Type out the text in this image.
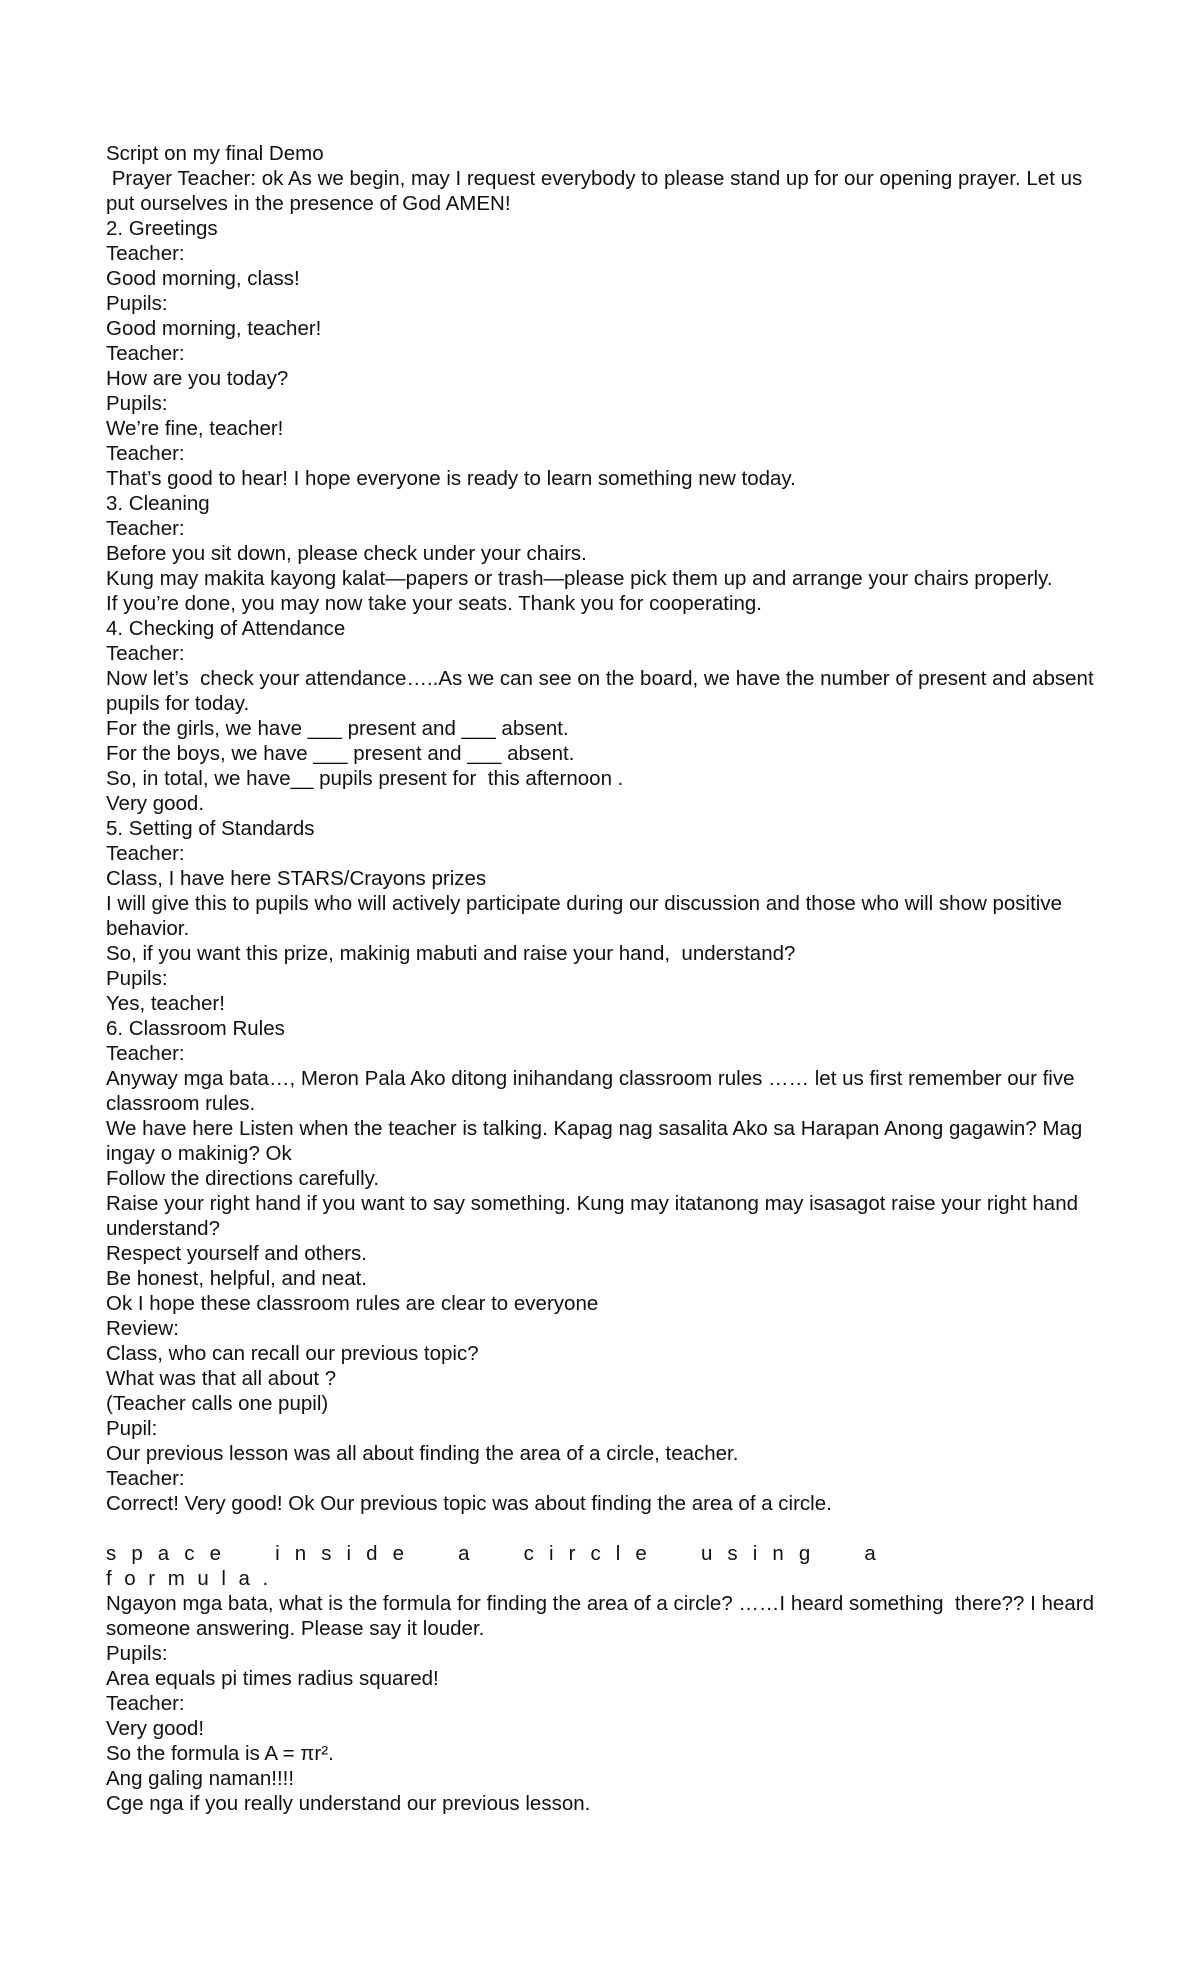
Script on my final Demo

Prayer Teacher: ok As we begin, may I request everybody to please stand up for our opening prayer. Let us put ourselves in the presence of God AMEN!

2. Greetings

Teacher:

Good morning, class!

Pupils:

Good morning, teacher!

Teacher:

How are you today?

Pupils:

We’re fine, teacher!

Teacher:

That’s good to hear! I hope everyone is ready to learn something new today.

3. Cleaning

Teacher:

Before you sit down, please check under your chairs.

Kung may makita kayong kalat—papers or trash—please pick them up and arrange your chairs properly.

If you’re done, you may now take your seats. Thank you for cooperating.

4. Checking of Attendance

Teacher:

Now let’s  check your attendance…..As we can see on the board, we have the number of present and absent pupils for today.

For the girls, we have ___ present and ___ absent.

For the boys, we have ___ present and ___ absent.

So, in total, we have__ pupils present for  this afternoon .

Very good.

5. Setting of Standards

Teacher:

Class, I have here STARS/Crayons prizes

I will give this to pupils who will actively participate during our discussion and those who will show positive behavior.

So, if you want this prize, makinig mabuti and raise your hand,  understand?

Pupils:

Yes, teacher!

6. Classroom Rules

Teacher:

Anyway mga bata…, Meron Pala Ako ditong inihandang classroom rules …… let us first remember our five classroom rules.

We have here Listen when the teacher is talking. Kapag nag sasalita Ako sa Harapan Anong gagawin? Mag ingay o makinig? Ok

Follow the directions carefully.

Raise your right hand if you want to say something. Kung may itatanong may isasagot raise your right hand understand?

Respect yourself and others.

Be honest, helpful, and neat.

Ok I hope these classroom rules are clear to everyone

Review:

Class, who can recall our previous topic?

What was that all about ?

(Teacher calls one pupil)

Pupil:

Our previous lesson was all about finding the area of a circle, teacher.

Teacher:

Correct! Very good! Ok Our previous topic was about finding the area of a circle.

s p a c e
	i n s i d e
	a
	c i r c l e
	u s i n g
	a

formula.

Ngayon mga bata, what is the formula for finding the area of a circle? ……I heard something  there?? I heard someone answering. Please say it louder.

Pupils:

Area equals pi times radius squared!

Teacher:

Very good!

So the formula is A = πr².

Ang galing naman!!!!

Cge nga if you really understand our previous lesson.
